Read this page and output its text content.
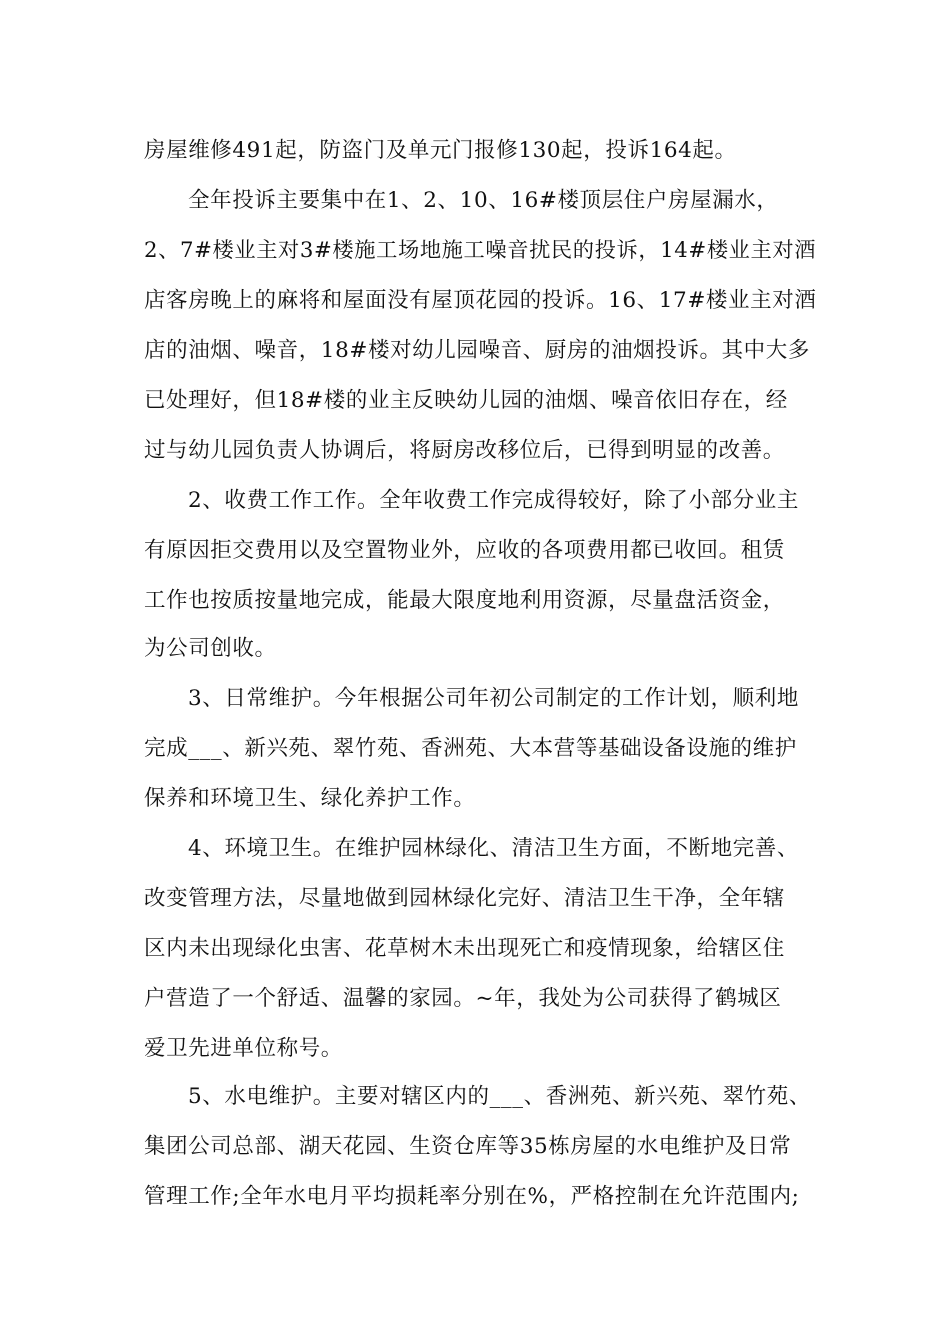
房屋维修491起，防盗门及单元门报修130起，投诉164起。
全年投诉主要集中在1、2、10、16#楼顶层住户房屋漏水，
2、7#楼业主对3#楼施工场地施工噪音扰民的投诉，14#楼业主对酒
店客房晚上的麻将和屋面没有屋顶花园的投诉。16、17#楼业主对酒
店的油烟、噪音，18#楼对幼儿园噪音、厨房的油烟投诉。其中大多
已处理好，但18#楼的业主反映幼儿园的油烟、噪音依旧存在，经
过与幼儿园负责人协调后，将厨房改移位后，已得到明显的改善。
2、收费工作工作。全年收费工作完成得较好，除了小部分业主
有原因拒交费用以及空置物业外，应收的各项费用都已收回。租赁
工作也按质按量地完成，能最大限度地利用资源，尽量盘活资金，
为公司创收。
3、日常维护。今年根据公司年初公司制定的工作计划，顺利地
完成___、新兴苑、翠竹苑、香洲苑、大本营等基础设备设施的维护
保养和环境卫生、绿化养护工作。
4、环境卫生。在维护园林绿化、清洁卫生方面，不断地完善、
改变管理方法，尽量地做到园林绿化完好、清洁卫生干净，全年辖
区内未出现绿化虫害、花草树木未出现死亡和疫情现象，给辖区住
户营造了一个舒适、温馨的家园。~年，我处为公司获得了鹤城区
爱卫先进单位称号。
5、水电维护。主要对辖区内的___、香洲苑、新兴苑、翠竹苑、
集团公司总部、湖天花园、生资仓库等35栋房屋的水电维护及日常
管理工作;全年水电月平均损耗率分别在%，严格控制在允许范围内;
